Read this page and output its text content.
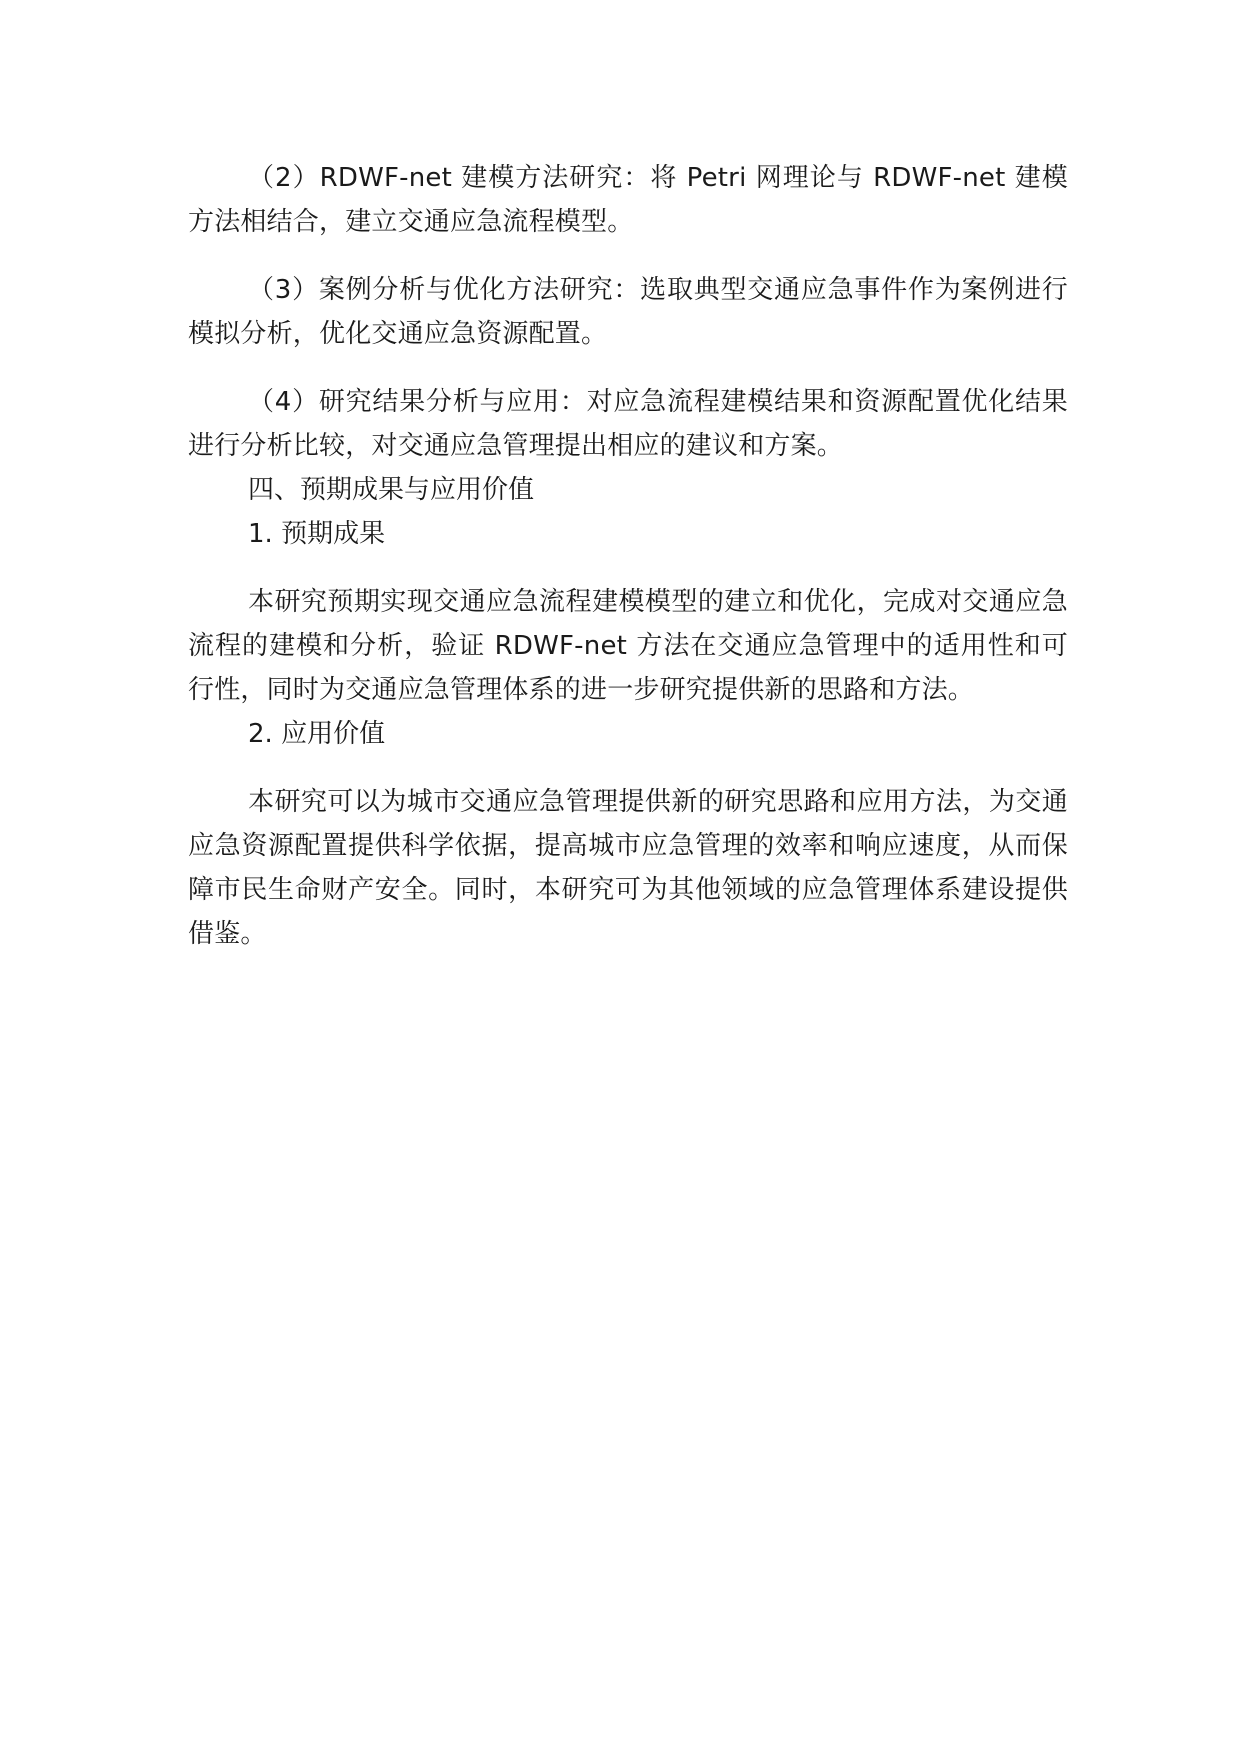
（2）RDWF-net 建模方法研究：将 Petri 网理论与 RDWF-net 建模方法相结合，建立交通应急流程模型。

（3）案例分析与优化方法研究：选取典型交通应急事件作为案例进行模拟分析，优化交通应急资源配置。

（4）研究结果分析与应用：对应急流程建模结果和资源配置优化结果进行分析比较，对交通应急管理提出相应的建议和方案。

四、预期成果与应用价值

1. 预期成果

本研究预期实现交通应急流程建模模型的建立和优化，完成对交通应急流程的建模和分析，验证 RDWF-net 方法在交通应急管理中的适用性和可行性，同时为交通应急管理体系的进一步研究提供新的思路和方法。

2. 应用价值

本研究可以为城市交通应急管理提供新的研究思路和应用方法，为交通应急资源配置提供科学依据，提高城市应急管理的效率和响应速度，从而保障市民生命财产安全。同时，本研究可为其他领域的应急管理体系建设提供借鉴。
